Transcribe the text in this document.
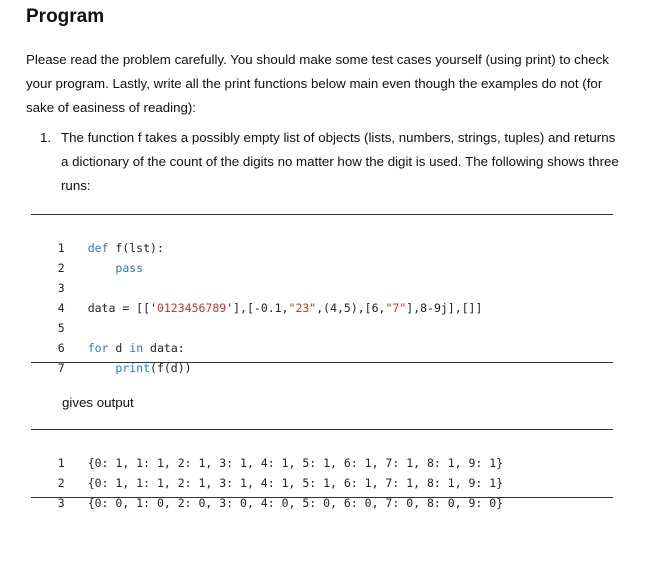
Program

Please read the problem carefully. You should make some test cases yourself (using print) to check your program. Lastly, write all the print functions below main even though the examples do not (for sake of easiness of reading):

1. The function f takes a possibly empty list of objects (lists, numbers, strings, tuples) and returns a dictionary of the count of the digits no matter how the digit is used. The following shows three runs:

1 def f(lst):

2	pass

3

4 data = [['0123456789'],[-0.1,"23",(4,5),[6,"7"],8-9j],[]]

5

6 for d in data:

7	print(f(d))

gives output

1 {0: 1, 1: 1, 2: 1, 3: 1, 4: 1, 5: 1, 6: 1, 7: 1, 8: 1, 9: 1}

2 {0: 1, 1: 1, 2: 1, 3: 1, 4: 1, 5: 1, 6: 1, 7: 1, 8: 1, 9: 1}

3 {0: 0, 1: 0, 2: 0, 3: 0, 4: 0, 5: 0, 6: 0, 7: 0, 8: 0, 9: 0}
